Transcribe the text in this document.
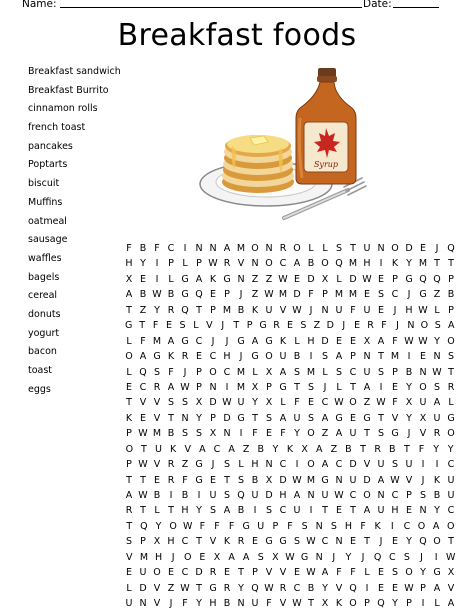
Name:	Date:
Breakfast foods
Breakfast sandwich
Breakfast Burrito
cinnamon rolls
french toast
pancakes
Poptarts
biscuit
Muffins
oatmeal
sausage
waffles
bagels
cereal
donuts
yogurt
bacon
toast
eggs
Syrup
F B F C I N N A M O N R O L L S T U N O D E	J Q
H Y	I	P L P W R V N O C A B O Q M H I K Y M T T
X E	I	L G A K G N Z Z W E D X L D W E P G Q Q P
A B W B G Q E P	J Z W M D F P M M E S C J G Z B
T Z Y R Q T P M B K U V W J N U F U E	J H W L P
G T F E S L V J T P G R E S Z D J E R F J N O S A
L F M A G C J	J G A G K L H D E E X A F W W Y O
O A G K R E C H J G O U B I	S A P N T M I	E N S
L Q S F	J	P O C M L X A S M L S C U S P B N W T
E C R A W P N I M X P G T S	J	L T A I	E Y O S R
T V V S S X D W U Y X L F E C W O Z W F X U A L
K E V T N Y P D G T S A U S A G E G T V Y X U G
P W M B S S X N I	F E F Y O Z A U T S G J V R O
O T U K V A C A Z B Y K X A Z B T R B T F Y Y
P W V R Z G J	S L H N C I O A C D V U S U I	I C
T T E R F G E T S B X D W M G N U D A W V J K U
A W B I B I U S Q U D H A N U W C O N C P S B U
R T L T H Y S A B I	S C U I	T E T A U H E N Y C
T Q Y O W F F F G U P F S N S H F K	I	C O A O
S P X H C T V K R E G G S W C N E T	J	E Y Q O T
V M H	J O E X A A S X W G N	J	Y	J Q C S	J	I W
E U O E C D R E T P V V E W A F F L E S O Y G X
L D V Z W T G R Y Q W R C B Y V Q I	E E W P A V
U N V J	F Y H B N U F V W T X K O P Q Y P	I	L A
